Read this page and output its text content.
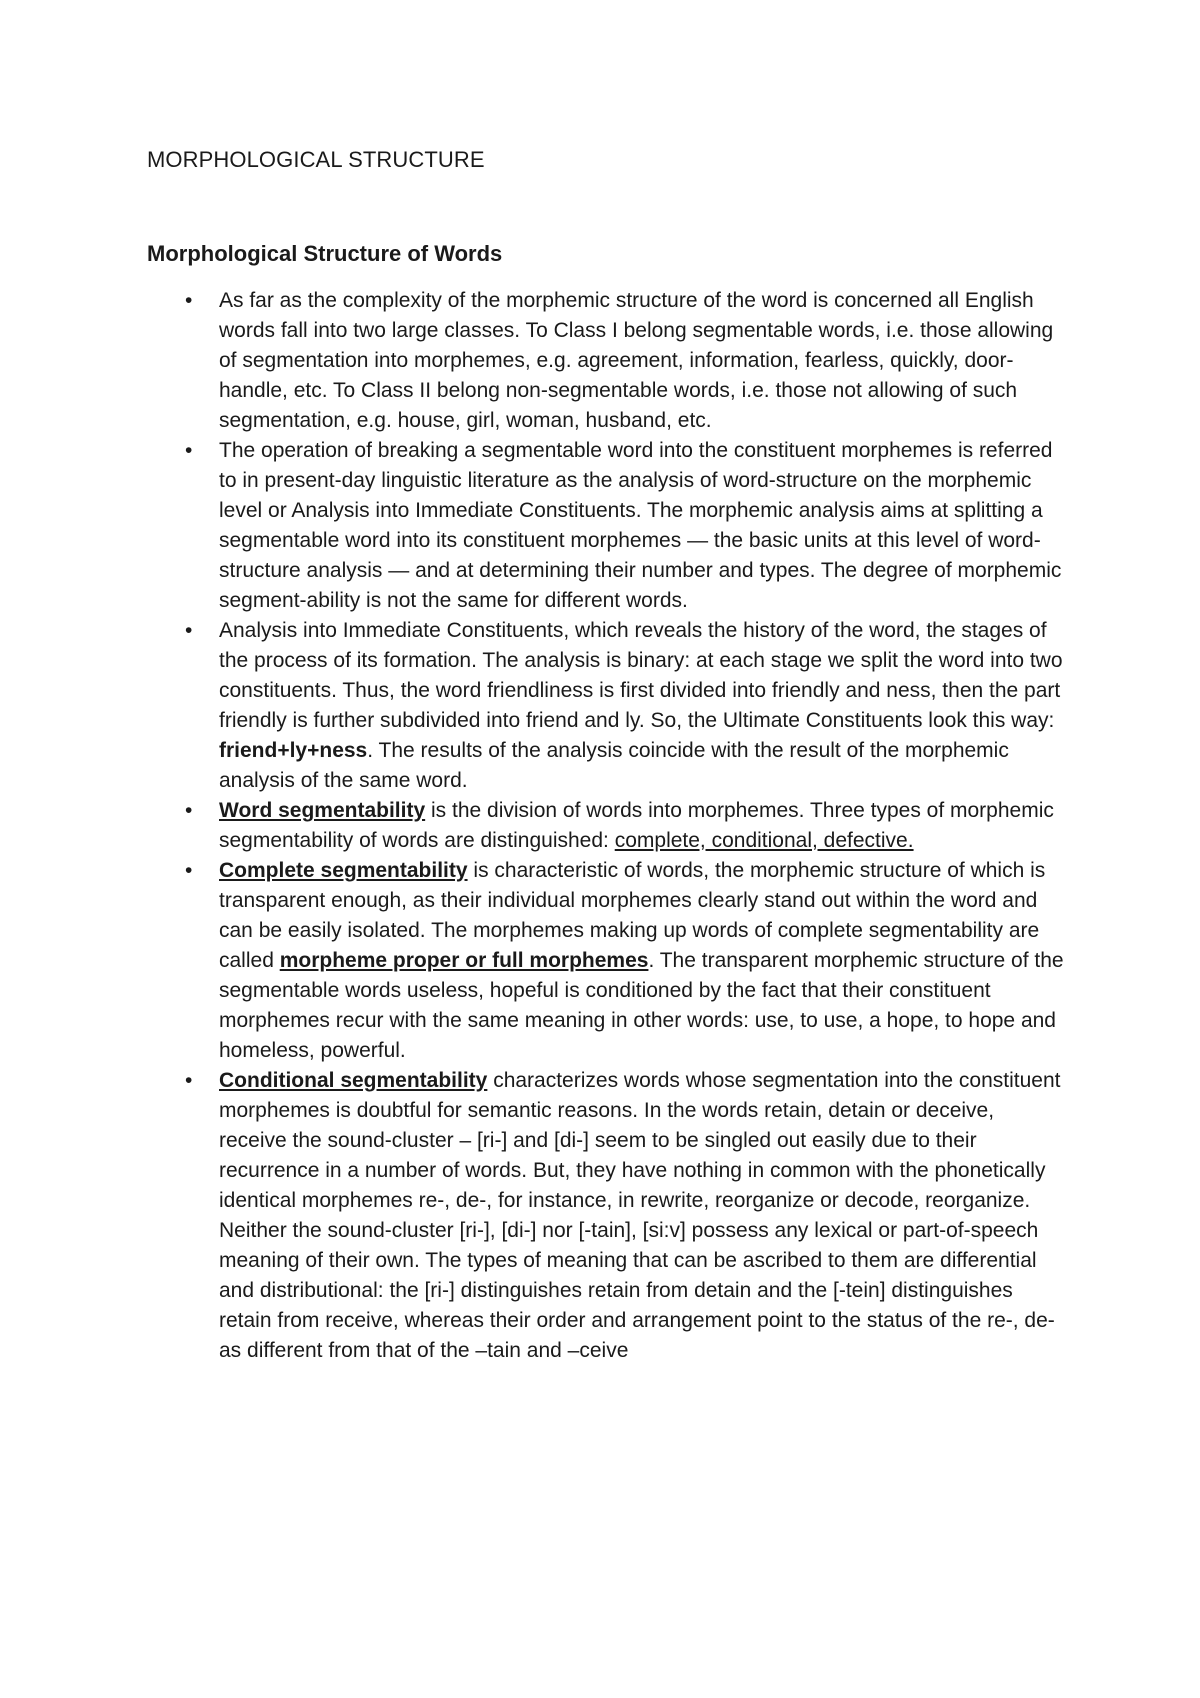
MORPHOLOGICAL STRUCTURE
Morphological Structure of Words
• As far as the complexity of the morphemic structure of the word is concerned all English words fall into two large classes. To Class I belong segmentable words, i.e. those allowing of segmentation into morphemes, e.g. agreement, information, fearless, quickly, door-handle, etc. To Class II belong non-segmentable words, i.e. those not allowing of such segmentation, e.g. house, girl, woman, husband, etc.
• The operation of breaking a segmentable word into the constituent morphemes is referred to in present-day linguistic literature as the analysis of word-structure on the morphemic level or Analysis into Immediate Constituents. The morphemic analysis aims at splitting a segmentable word into its constituent morphemes — the basic units at this level of word-structure analysis — and at determining their number and types. The degree of morphemic segment-ability is not the same for different words.
• Analysis into Immediate Constituents, which reveals the history of the word, the stages of the process of its formation. The analysis is binary: at each stage we split the word into two constituents. Thus, the word friendliness is first divided into friendly and ness, then the part friendly is further subdivided into friend and ly. So, the Ultimate Constituents look this way: friend+ly+ness. The results of the analysis coincide with the result of the morphemic analysis of the same word.
• Word segmentability is the division of words into morphemes. Three types of morphemic segmentability of words are distinguished: complete, conditional, defective.
• Complete segmentability is characteristic of words, the morphemic structure of which is transparent enough, as their individual morphemes clearly stand out within the word and can be easily isolated. The morphemes making up words of complete segmentability are called morpheme proper or full morphemes. The transparent morphemic structure of the segmentable words useless, hopeful is conditioned by the fact that their constituent morphemes recur with the same meaning in other words: use, to use, a hope, to hope and homeless, powerful.
• Conditional segmentability characterizes words whose segmentation into the constituent morphemes is doubtful for semantic reasons. In the words retain, detain or deceive, receive the sound-cluster – [ri-] and [di-] seem to be singled out easily due to their recurrence in a number of words. But, they have nothing in common with the phonetically identical morphemes re-, de-, for instance, in rewrite, reorganize or decode, reorganize. Neither the sound-cluster [ri-], [di-] nor [-tain], [si:v] possess any lexical or part-of-speech meaning of their own. The types of meaning that can be ascribed to them are differential and distributional: the [ri-] distinguishes retain from detain and the [-tein] distinguishes retain from receive, whereas their order and arrangement point to the status of the re-, de- as different from that of the –tain and –ceive
